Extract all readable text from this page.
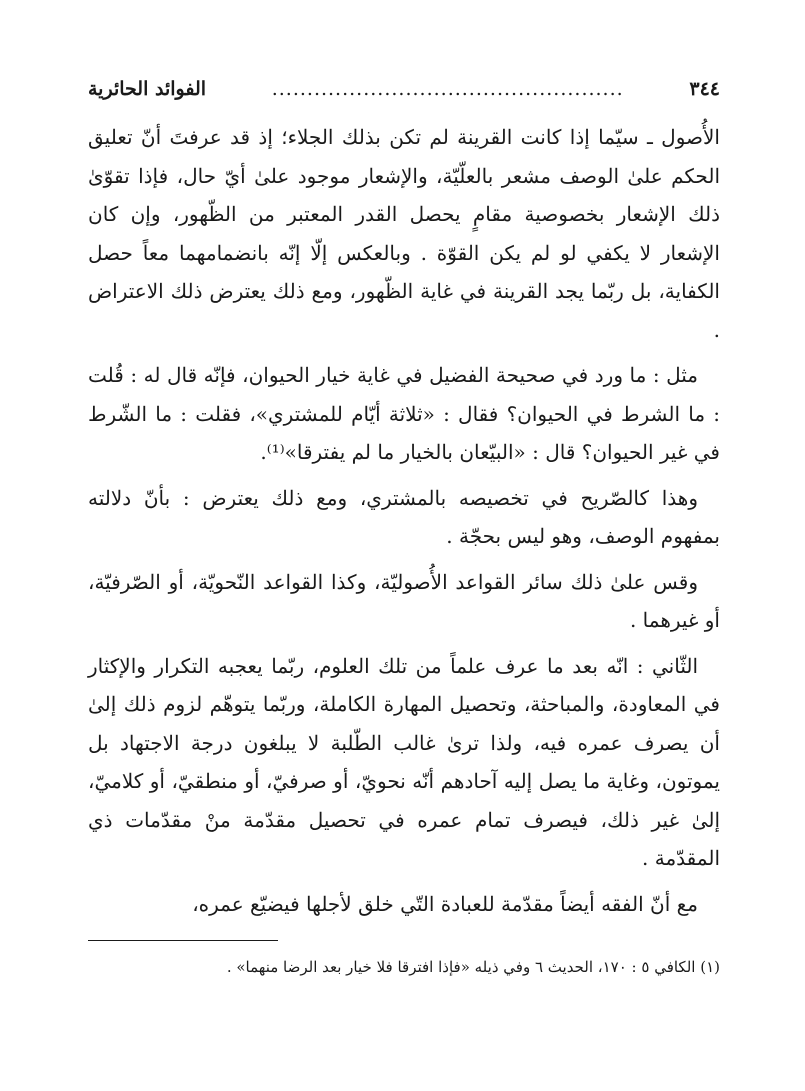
٣٤٤
..................................................
الفوائد الحائرية

الأُصول ـ سيّما إذا كانت القرينة لم تكن بذلك الجلاء؛ إذ قد عرفتَ أنّ تعليق الحكم علىٰ الوصف مشعر بالعلّيّة، والإشعار موجود علىٰ أيّ حال، فإذا تقوّىٰ ذلك الإشعار بخصوصية مقامٍ يحصل القدر المعتبر من الظّهور، وإن كان الإشعار لا يكفي لو لم يكن القوّة . وبالعكس إلّا إنّه بانضمامهما معاً حصل الكفاية، بل ربّما يجد القرينة في غاية الظّهور، ومع ذلك يعترض ذلك الاعتراض .

مثل : ما ورد في صحيحة الفضيل في غاية خيار الحيوان، فإنّه قال له : قُلت : ما الشرط في الحيوان؟ فقال : «ثلاثة أيّام للمشتري»، فقلت : ما الشّرط في غير الحيوان؟ قال : «البيّعان بالخيار ما لم يفترقا»⁽¹⁾.

وهذا كالصّريح في تخصيصه بالمشتري، ومع ذلك يعترض : بأنّ دلالته بمفهوم الوصف، وهو ليس بحجّة .

وقس علىٰ ذلك سائر القواعد الأُصوليّة، وكذا القواعد النّحويّة، أو الصّرفيّة، أو غيرهما .

الثّاني : انّه بعد ما عرف علماً من تلك العلوم، ربّما يعجبه التكرار والإكثار في المعاودة، والمباحثة، وتحصيل المهارة الكاملة، وربّما يتوهّم لزوم ذلك إلىٰ أن يصرف عمره فيه، ولذا ترىٰ غالب الطّلبة لا يبلغون درجة الاجتهاد بل يموتون، وغاية ما يصل إليه آحادهم أنّه نحويّ، أو صرفيّ، أو منطقيّ، أو كلاميّ، إلىٰ غير ذلك، فيصرف تمام عمره في تحصيل مقدّمة منْ مقدّمات ذي المقدّمة .

مع أنّ الفقه أيضاً مقدّمة للعبادة التّي خلق لأجلها فيضيّع عمره،

(١) الكافي ٥ : ١٧٠، الحديث ٦ وفي ذيله «فإذا افترقا فلا خيار بعد الرضا منهما» .
